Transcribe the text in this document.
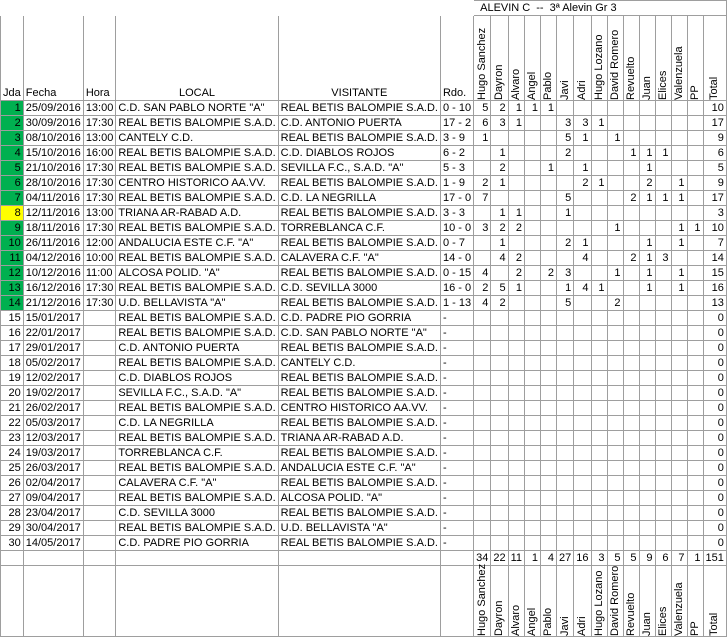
						ALEVIN C -- 3ª Alevin Gr 3														
Jda	Fecha	Hora	LOCAL	VISITANTE	Rdo.	Hugo Sanchez	Dayron	Alvaro	Angel	Pablo	Javi	Adri	Hugo Lozano	David Romero	Revuelto	Juan	Elices	Valenzuela	PP	Total

1	25/09/2016	13:00	C.D. SAN PABLO NORTE "A"	REAL BETIS BALOMPIE S.A.D.	0 - 10	5	2	1	1	1										10
2	30/09/2016	17:30	REAL BETIS BALOMPIE S.A.D.	C.D. ANTONIO PUERTA	17 - 2	6	3	1			3	3	1							17
3	08/10/2016	13:00	CANTELY C.D.	REAL BETIS BALOMPIE S.A.D.	3 - 9	1					5	1		1						9
4	15/10/2016	16:00	REAL BETIS BALOMPIE S.A.D.	C.D. DIABLOS ROJOS	6 - 2		1				2				1	1	1			6
5	21/10/2016	17:30	REAL BETIS BALOMPIE S.A.D.	SEVILLA F.C., S.A.D. "A"	5 - 3		2			1		1				1				5
6	28/10/2016	17:30	CENTRO HISTORICO AA.VV.	REAL BETIS BALOMPIE S.A.D.	1 - 9	2	1					2	1			2		1		9
7	04/11/2016	17:30	REAL BETIS BALOMPIE S.A.D.	C.D. LA NEGRILLA	17 - 0	7					5				2	1	1	1		17
8	12/11/2016	13:00	TRIANA AR-RABAD A.D.	REAL BETIS BALOMPIE S.A.D.	3 - 3		1	1			1									3
9	18/11/2016	17:30	REAL BETIS BALOMPIE S.A.D.	TORREBLANCA C.F.	10 - 0	3	2	2						1				1	1	10
10	26/11/2016	12:00	ANDALUCIA ESTE C.F. "A"	REAL BETIS BALOMPIE S.A.D.	0 - 7		1				2	1				1		1		7
11	04/12/2016	10:00	REAL BETIS BALOMPIE S.A.D.	CALAVERA C.F. "A"	14 - 0		4	2				4			2	1	3			14
12	10/12/2016	11:00	ALCOSA POLID. "A"	REAL BETIS BALOMPIE S.A.D.	0 - 15	4		2		2	3			1		1		1		15
13	16/12/2016	17:30	REAL BETIS BALOMPIE S.A.D.	C.D. SEVILLA 3000	16 - 0	2	5	1			1	4	1			1		1		16
14	21/12/2016	17:30	U.D. BELLAVISTA "A"	REAL BETIS BALOMPIE S.A.D.	1 - 13	4	2				5			2						13
15	15/01/2017		REAL BETIS BALOMPIE S.A.D.	C.D. PADRE PIO GORRIA	-															0
16	22/01/2017		REAL BETIS BALOMPIE S.A.D.	C.D. SAN PABLO NORTE "A"	-															0
17	29/01/2017		C.D. ANTONIO PUERTA	REAL BETIS BALOMPIE S.A.D.	-															0
18	05/02/2017		REAL BETIS BALOMPIE S.A.D.	CANTELY C.D.	-															0
19	12/02/2017		C.D. DIABLOS ROJOS	REAL BETIS BALOMPIE S.A.D.	-															0
20	19/02/2017		SEVILLA F.C., S.A.D. "A"	REAL BETIS BALOMPIE S.A.D.	-															0
21	26/02/2017		REAL BETIS BALOMPIE S.A.D.	CENTRO HISTORICO AA.VV.	-															0
22	05/03/2017		C.D. LA NEGRILLA	REAL BETIS BALOMPIE S.A.D.	-															0
23	12/03/2017		REAL BETIS BALOMPIE S.A.D.	TRIANA AR-RABAD A.D.	-															0
24	19/03/2017		TORREBLANCA C.F.	REAL BETIS BALOMPIE S.A.D.	-															0
25	26/03/2017		REAL BETIS BALOMPIE S.A.D.	ANDALUCIA ESTE C.F. "A"	-															0
26	02/04/2017		CALAVERA C.F. "A"	REAL BETIS BALOMPIE S.A.D.	-															0
27	09/04/2017		REAL BETIS BALOMPIE S.A.D.	ALCOSA POLID. "A"	-															0
28	23/04/2017		C.D. SEVILLA 3000	REAL BETIS BALOMPIE S.A.D.	-															0
29	30/04/2017		REAL BETIS BALOMPIE S.A.D.	U.D. BELLAVISTA "A"	-															0
30	14/05/2017		C.D. PADRE PIO GORRIA	REAL BETIS BALOMPIE S.A.D.	-															0
						34	22	11	1	4	27	16	3	5	5	9	6	7	1	151

						Hugo Sanchez	Dayron	Alvaro	Angel	Pablo	Javi	Adri	Hugo Lozano	David Romero	Revuelto	Juan	Elices	Valenzuela	PP	Total
